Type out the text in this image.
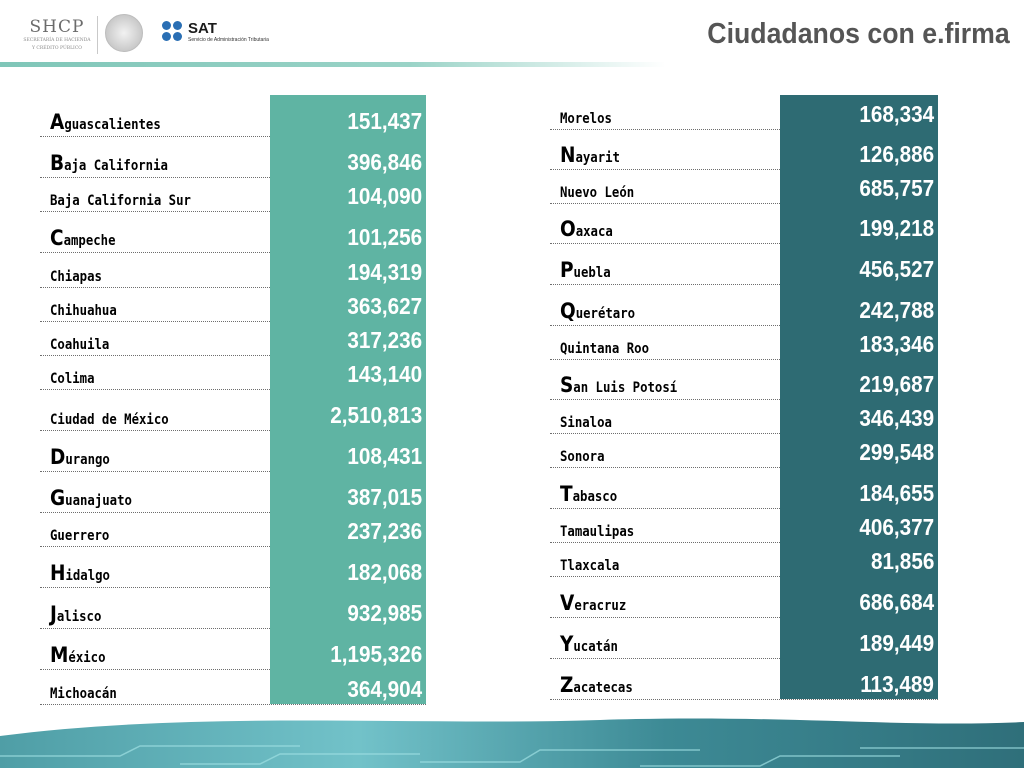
SHCP
SECRETARÍA DE HACIENDA
Y CRÉDITO PÚBLICO
SAT
Servicio de Administración Tributaria	Ciudadanos con e.firma
151,437
Aguascalientes
396,846
Baja California
104,090
Baja California Sur
101,256
Campeche
194,319
Chiapas
363,627
Chihuahua
317,236
Coahuila
143,140
Colima
2,510,813
Ciudad de México
108,431
Durango
387,015
Guanajuato
237,236
Guerrero
182,068
Hidalgo
932,985
Jalisco
1,195,326
México
364,904
Michoacán
168,334
Morelos
126,886
Nayarit
685,757
Nuevo León
199,218
Oaxaca
456,527
Puebla
242,788
Querétaro
183,346
Quintana Roo
219,687
San Luis Potosí
346,439
Sinaloa
299,548
Sonora
184,655
Tabasco
406,377
Tamaulipas
81,856
Tlaxcala
686,684
Veracruz
189,449
Yucatán
113,489
Zacatecas
